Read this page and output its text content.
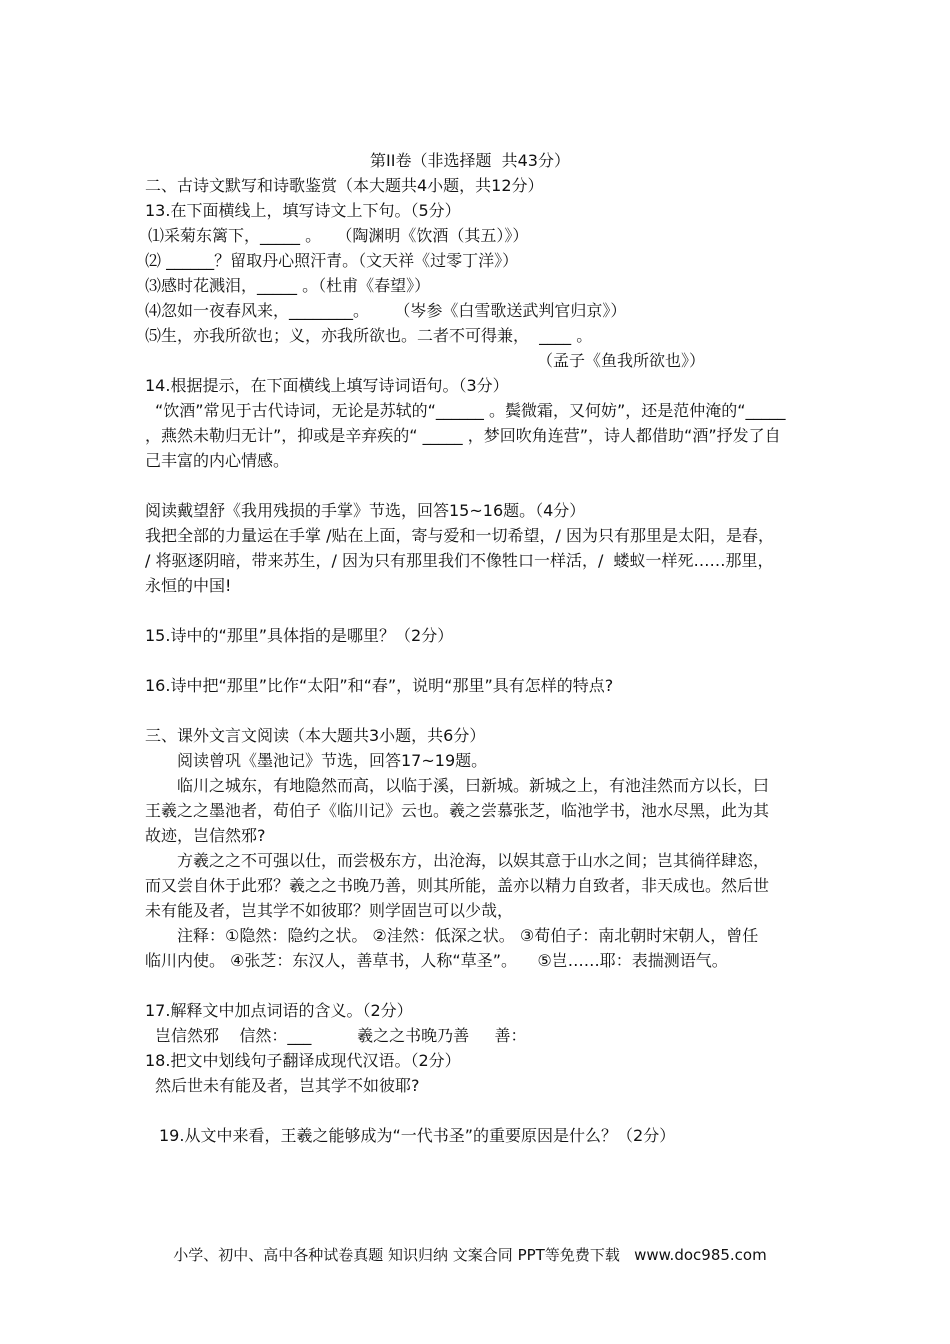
第II卷（非选择题  共43分）
二、古诗文默写和诗歌鉴赏（本大题共4小题，共12分）
13.在下面横线上，填写诗文上下句。（5分）
⑴采菊东篱下，_____ 。   （陶渊明《饮酒（其五）》）
⑵ ______？留取丹心照汗青。（文天祥《过零丁洋》）
⑶感时花溅泪，_____ 。（杜甫《春望》）
⑷忽如一夜春风来，________。     （岑参《白雪歌送武判官归京》）
⑸生，亦我所欲也；义，亦我所欲也。二者不可得兼，  ____ 。
（孟子《鱼我所欲也》）
14.根据提示，在下面横线上填写诗词语句。（3分）
“饮酒”常见于古代诗词，无论是苏轼的“______ 。鬓微霜，又何妨”，还是范仲淹的“_____
，燕然未勒归无计”，抑或是辛弃疾的“ _____ ，梦回吹角连营”，诗人都借助“酒”抒发了自
己丰富的内心情感。
阅读戴望舒《我用残损的手掌》节选，回答15~16题。（4分）
我把全部的力量运在手掌 /贴在上面，寄与爱和一切希望，/ 因为只有那里是太阳，是春，
/ 将驱逐阴暗，带来苏生，/ 因为只有那里我们不像牲口一样活，/  蝼蚁一样死……那里，
永恒的中国!
15.诗中的“那里”具体指的是哪里？（2分）
16.诗中把“那里”比作“太阳”和“春”，说明“那里”具有怎样的特点?
三、课外文言文阅读（本大题共3小题，共6分）
阅读曾巩《墨池记》节选，回答17~19题。
临川之城东，有地隐然而高，以临于溪，曰新城。新城之上，有池洼然而方以长，曰
王羲之之墨池者，荀伯子《临川记》云也。羲之尝慕张芝，临池学书，池水尽黑，此为其
故迹，岂信然邪?
方羲之之不可强以仕，而尝极东方，出沧海，以娱其意于山水之间；岂其徜徉肆恣，
而又尝自休于此邪？羲之之书晚乃善，则其所能，盖亦以精力自致者，非天成也。然后世
未有能及者，岂其学不如彼耶？则学固岂可以少哉，
注释：①隐然：隐约之状。 ②洼然：低深之状。 ③荀伯子：南北朝时宋朝人，曾任
临川内使。 ④张芝：东汉人，善草书，人称“草圣”。    ⑤岂……耶：表揣测语气。
17.解释文中加点词语的含义。（2分）
岂信然邪    信然：___         羲之之书晚乃善     善：
18.把文中划线句子翻译成现代汉语。（2分）
然后世未有能及者，岂其学不如彼耶?
19.从文中来看，王羲之能够成为“一代书圣”的重要原因是什么？（2分）
小学、初中、高中各种试卷真题 知识归纳 文案合同 PPT等免费下载   www.doc985.com
